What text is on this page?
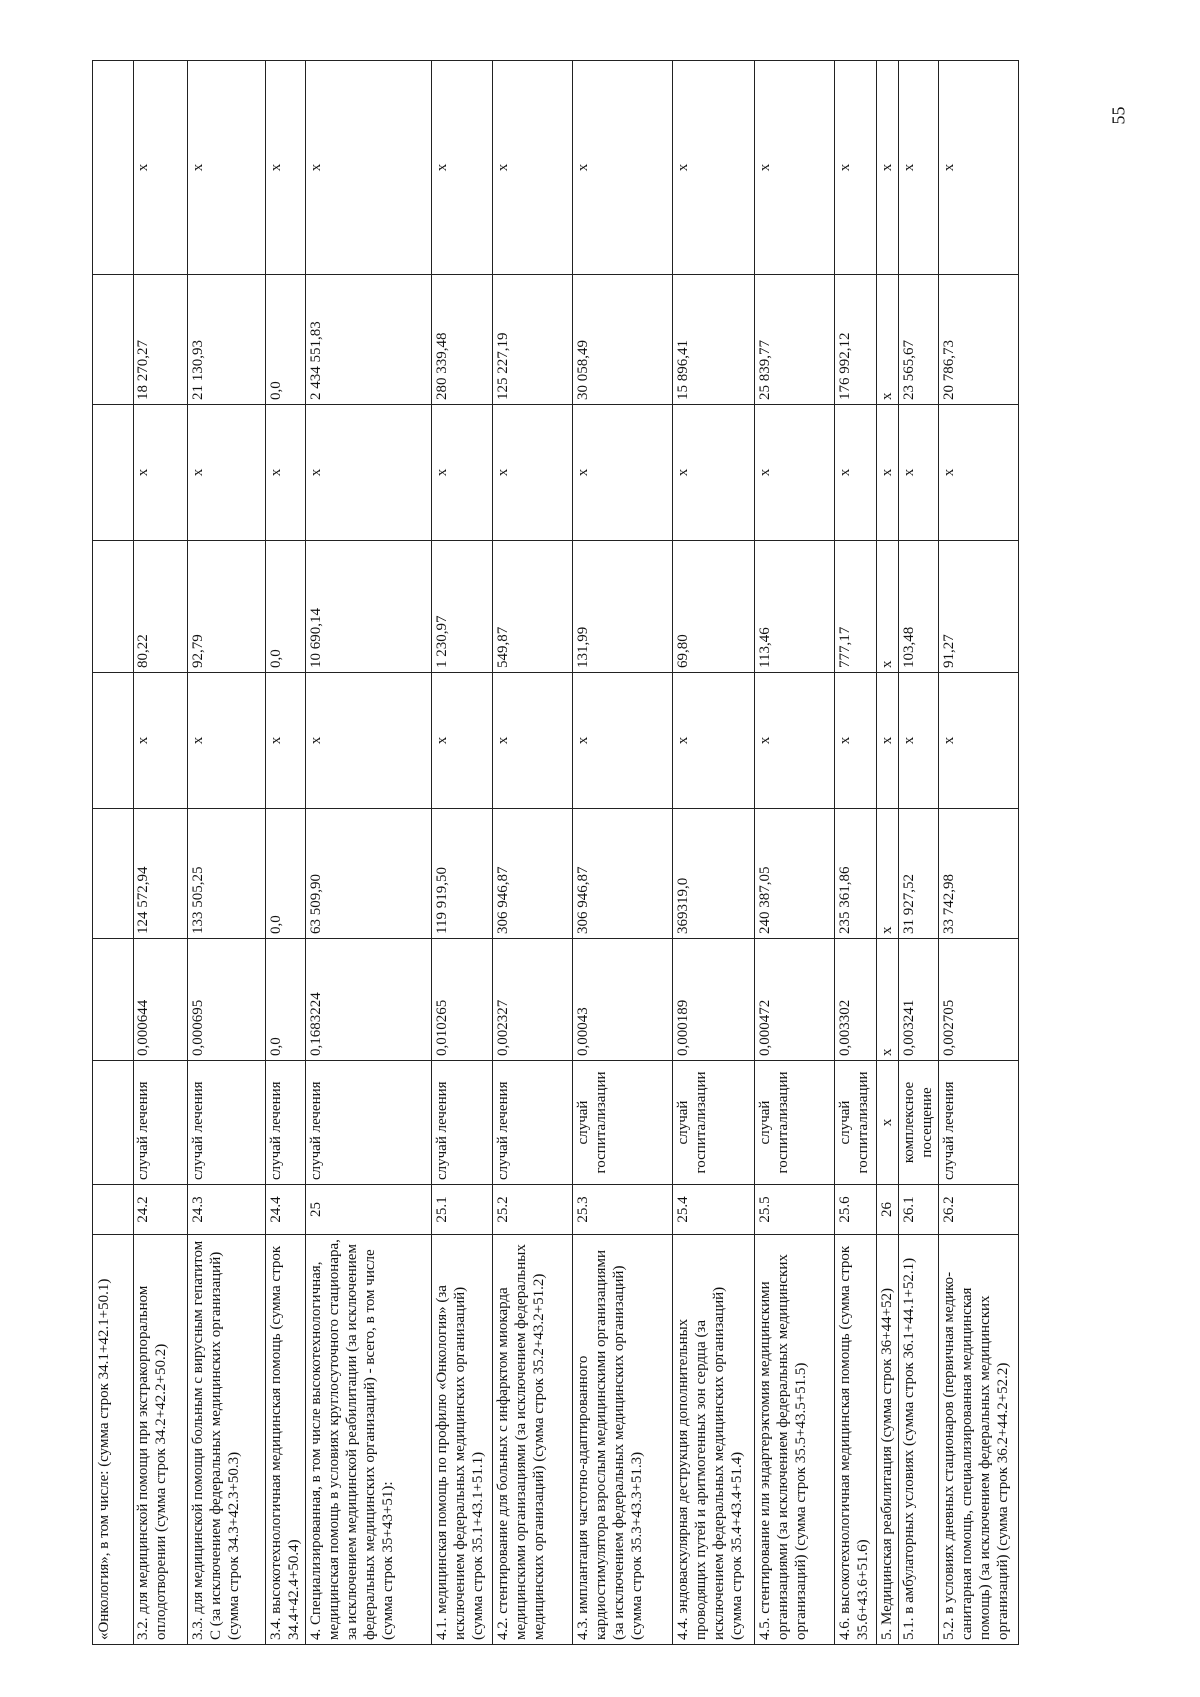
55
«Онкология», в том числе: (сумма строк 34.1+42.1+50.1)	3.2. для медицинской помощи при экстракорпоральном оплодотворении (сумма строк 34.2+42.2+50.2)
24.2
случай лечения
0,000644
124 572,94
х
80,22
х
18 270,27
х
3.3. для медицинской помощи больным с вирусным гепатитом С (за исключением федеральных медицинских организаций) (сумма строк 34.3+42.3+50.3)
24.3
случай лечения
0,000695
133 505,25
х
92,79
х
21 130,93
х
3.4. высокотехнологичная медицинская помощь (сумма строк 34.4+42.4+50.4)
24.4
случай лечения
0,0
0,0
х
0,0
х
0,0
х
4. Специализированная, в том числе высокотехнологичная, медицинская помощь в условиях круглосуточного стационара, за исключением медицинской реабилитации (за исключением федеральных медицинских организаций) - всего, в том числе (сумма строк 35+43+51):
25
случай лечения
0,1683224
63 509,90
х
10 690,14
х
2 434 551,83
х
4.1. медицинская помощь по профилю «Онкология» (за исключением федеральных медицинских организаций) (сумма строк 35.1+43.1+51.1)
25.1
случай лечения
0,010265
119 919,50
х
1 230,97
х
280 339,48
х
4.2. стентирование для больных с инфарктом миокарда медицинскими организациями (за исключением федеральных медицинских организаций) (сумма строк 35.2+43.2+51.2)
25.2
случай лечения
0,002327
306 946,87
х
549,87
х
125 227,19
х
4.3. имплантация частотно-адаптированного кардиостимулятора взрослым медицинскими организациями (за исключением федеральных медицинских организаций) (сумма строк 35.3+43.3+51.3)
25.3
случай госпитализации
0,00043
306 946,87
х
131,99
х
30 058,49
х
4.4. эндоваскулярная деструкция дополнительных проводящих путей и аритмогенных зон сердца (за исключением федеральных медицинских организаций) (сумма строк 35.4+43.4+51.4)
25.4
случай госпитализации
0,000189
369319,0
х
69,80
х
15 896,41
х
4.5. стентирование или эндартерэктомия медицинскими организациями (за исключением федеральных медицинских организаций) (сумма строк 35.5+43.5+51.5)
25.5
случай госпитализации
0,000472
240 387,05
х
113,46
х
25 839,77
х
4.6. высокотехнологичная медицинская помощь (сумма строк 35.6+43.6+51.6)
25.6
случай госпитализации
0,003302
235 361,86
х
777,17
х
176 992,12
х
5. Медицинская реабилитация (сумма строк 36+44+52)
26
х
х
х
х
х
х
х
х
5.1. в амбулаторных условиях (сумма строк 36.1+44.1+52.1)
26.1
комплексное посещение
0,003241
31 927,52
х
103,48
х
23 565,67
х
5.2. в условиях дневных стационаров (первичная медико-санитарная помощь, специализированная медицинская помощь) (за исключением федеральных медицинских организаций) (сумма строк 36.2+44.2+52.2)
26.2
случай лечения
0,002705
33 742,98
х
91,27
х
20 786,73
х
